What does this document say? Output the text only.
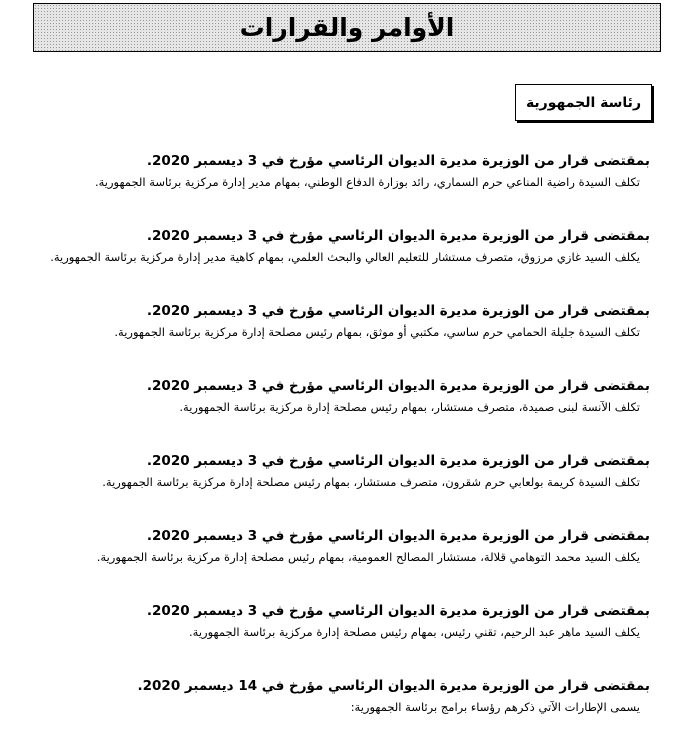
الأوامر والقرارات
رئاسة الجمهورية
بمقتضى قرار من الوزيرة مديرة الديوان الرئاسي مؤرخ في 3 ديسمبر 2020.
تكلف السيدة راضية المناعي حرم السماري، رائد بوزارة الدفاع الوطني، بمهام مدير إدارة مركزية برئاسة الجمهورية.
بمقتضى قرار من الوزيرة مديرة الديوان الرئاسي مؤرخ في 3 ديسمبر 2020.
يكلف السيد غازي مرزوق، متصرف مستشار للتعليم العالي والبحث العلمي، بمهام كاهية مدير إدارة مركزية برئاسة الجمهورية.
بمقتضى قرار من الوزيرة مديرة الديوان الرئاسي مؤرخ في 3 ديسمبر 2020.
تكلف السيدة جليلة الحمامي حرم ساسي، مكتبي أو موثق، بمهام رئيس مصلحة إدارة مركزية برئاسة الجمهورية.
بمقتضى قرار من الوزيرة مديرة الديوان الرئاسي مؤرخ في 3 ديسمبر 2020.
تكلف الآنسة لبنى صميدة، متصرف مستشار، بمهام رئيس مصلحة إدارة مركزية برئاسة الجمهورية.
بمقتضى قرار من الوزيرة مديرة الديوان الرئاسي مؤرخ في 3 ديسمبر 2020.
تكلف السيدة كريمة بولعابي حرم شقرون، متصرف مستشار، بمهام رئيس مصلحة إدارة مركزية برئاسة الجمهورية.
بمقتضى قرار من الوزيرة مديرة الديوان الرئاسي مؤرخ في 3 ديسمبر 2020.
يكلف السيد محمد التوهامي قلالة، مستشار المصالح العمومية، بمهام رئيس مصلحة إدارة مركزية برئاسة الجمهورية.
بمقتضى قرار من الوزيرة مديرة الديوان الرئاسي مؤرخ في 3 ديسمبر 2020.
يكلف السيد ماهر عبد الرحيم، تقني رئيس، بمهام رئيس مصلحة إدارة مركزية برئاسة الجمهورية.
بمقتضى قرار من الوزيرة مديرة الديوان الرئاسي مؤرخ في 14 ديسمبر 2020.
يسمى الإطارات الآتي ذكرهم رؤساء برامج برئاسة الجمهورية:
